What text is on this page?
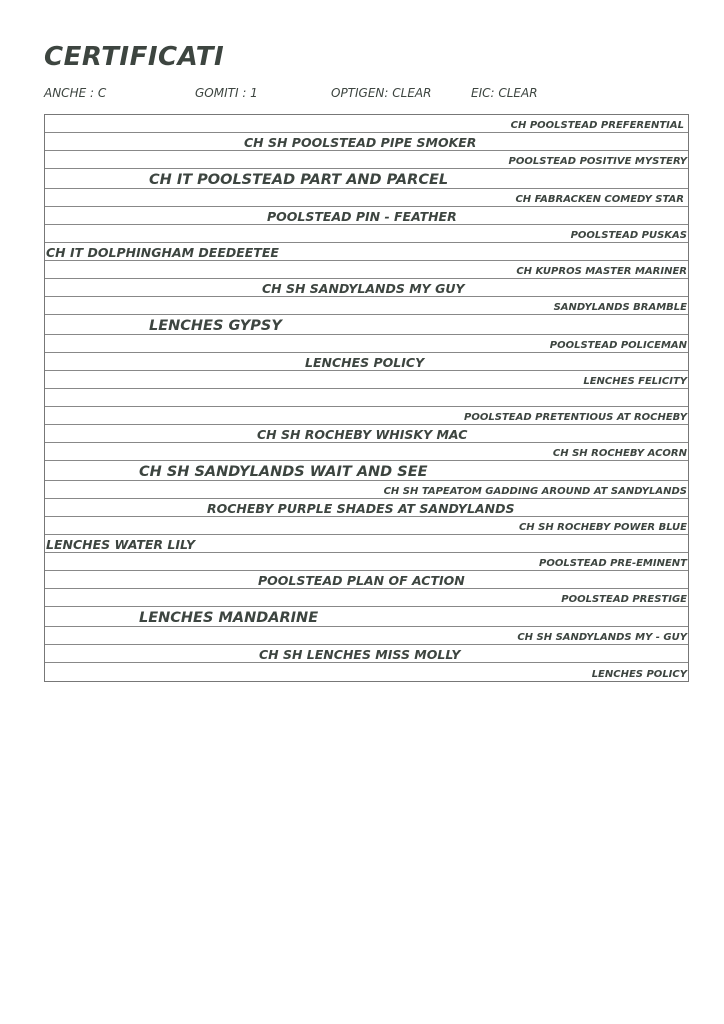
CERTIFICATI
ANCHE : C	GOMITI : 1	OPTIGEN: CLEAR	EIC: CLEAR
CH POOLSTEAD PREFERENTIAL
CH SH POOLSTEAD PIPE SMOKER
POOLSTEAD POSITIVE MYSTERY
CH IT POOLSTEAD PART AND PARCEL
CH FABRACKEN COMEDY STAR
POOLSTEAD PIN - FEATHER
POOLSTEAD PUSKAS
CH IT DOLPHINGHAM DEEDEETEE
CH KUPROS MASTER MARINER
CH SH SANDYLANDS MY GUY
SANDYLANDS BRAMBLE
LENCHES GYPSY
POOLSTEAD POLICEMAN
LENCHES POLICY
LENCHES FELICITY
POOLSTEAD PRETENTIOUS AT ROCHEBY
CH SH ROCHEBY WHISKY MAC
CH SH ROCHEBY ACORN
CH SH SANDYLANDS WAIT AND SEE
CH SH TAPEATOM GADDING AROUND AT SANDYLANDS
ROCHEBY PURPLE SHADES AT SANDYLANDS
CH SH ROCHEBY POWER BLUE
LENCHES WATER LILY
POOLSTEAD PRE-EMINENT
POOLSTEAD PLAN OF ACTION
POOLSTEAD PRESTIGE
LENCHES MANDARINE
CH SH SANDYLANDS MY - GUY
CH SH LENCHES MISS MOLLY
LENCHES POLICY
